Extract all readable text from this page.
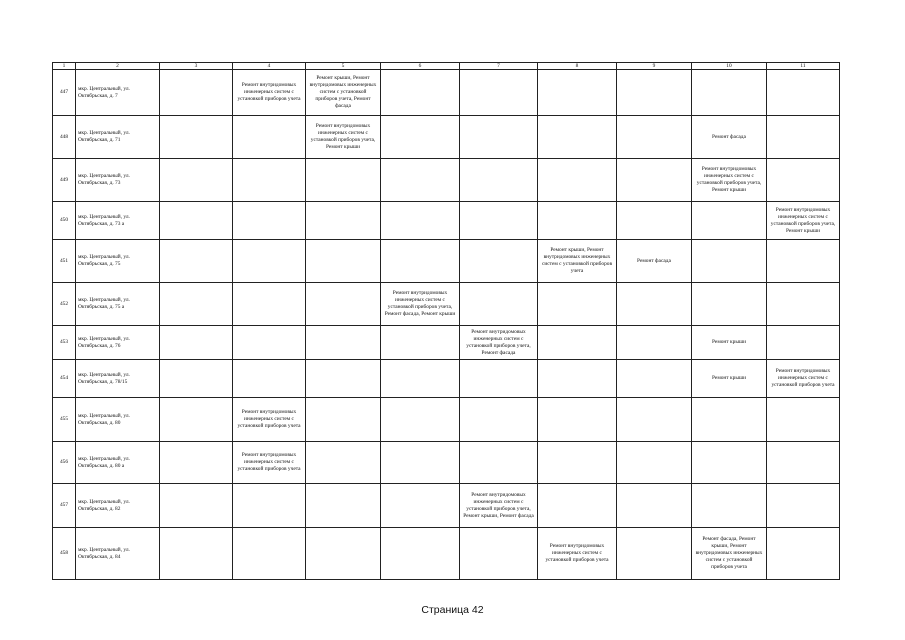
1	2	3	4	5	6	7	8	9	10	11
447	мкр. Центральный, ул. Октябрьская, д. 7		Ремонт внутридомовых инженерных систем с установкой приборов учета	Ремонт крыши, Ремонт внутридомовых инженерных систем с установкой приборов учета, Ремонт фасада						
448	мкр. Центральный, ул. Октябрьская, д. 71			Ремонт внутридомовых инженерных систем с установкой приборов учета, Ремонт крыши					Ремонт фасада	
449	мкр. Центральный, ул. Октябрьская, д. 73								Ремонт внутридомовых инженерных систем с установкой приборов учета, Ремонт крыши	
450	мкр. Центральный, ул. Октябрьская, д. 73 а									Ремонт внутридомовых инженерных систем с установкой приборов учета, Ремонт крыши
451	мкр. Центральный, ул. Октябрьская, д. 75						Ремонт крыши, Ремонт внутридомовых инженерных систем с установкой приборов учета	Ремонт фасада		
452	мкр. Центральный, ул. Октябрьская, д. 75 а				Ремонт внутридомовых инженерных систем с установкой приборов учета, Ремонт фасада, Ремонт крыши					
453	мкр. Центральный, ул. Октябрьская, д. 76					Ремонт внутридомовых инженерных систем с установкой приборов учета, Ремонт фасада			Ремонт крыши	
454	мкр. Центральный, ул. Октябрьская, д. 78/15								Ремонт крыши	Ремонт внутридомовых инженерных систем с установкой приборов учета
455	мкр. Центральный, ул. Октябрьская, д. 80		Ремонт внутридомовых инженерных систем с установкой приборов учета							
456	мкр. Центральный, ул. Октябрьская, д. 80 а		Ремонт внутридомовых инженерных систем с установкой приборов учета							
457	мкр. Центральный, ул. Октябрьская, д. 82					Ремонт внутридомовых инженерных систем с установкой приборов учета, Ремонт крыши, Ремонт фасада				
458	мкр. Центральный, ул. Октябрьская, д. 84						Ремонт внутридомовых инженерных систем с установкой приборов учета		Ремонт фасада, Ремонт крыши, Ремонт внутридомовых инженерных систем с установкой приборов учета	
Страница 42
